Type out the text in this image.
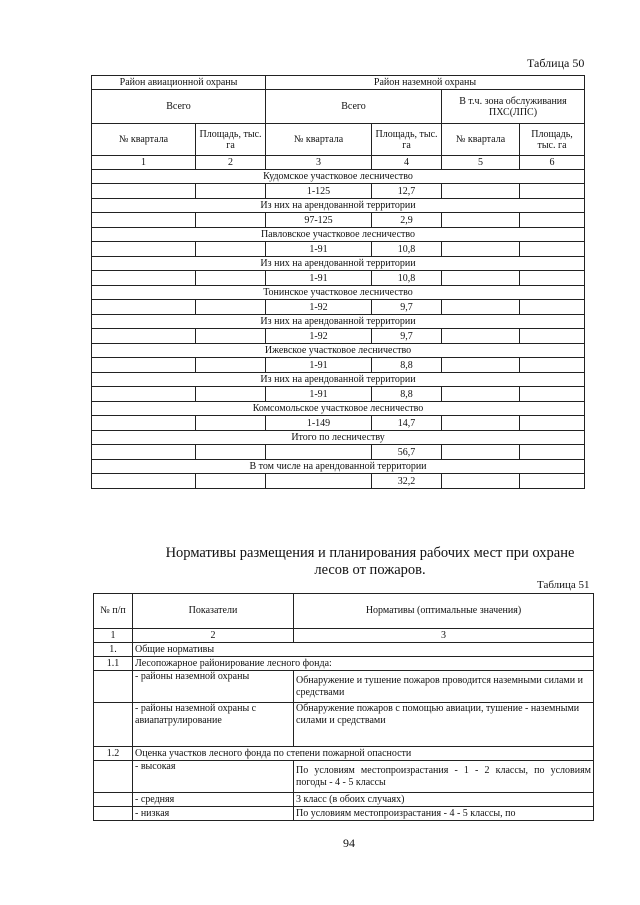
Таблица 50
Район авиационной охраны		Район наземной охраны			
Всего		Всего		В т.ч. зона обслуживания ПХС(ЛПС)	
№ квартала	Площадь, тыс. га	№ квартала	Площадь, тыс. га	№ квартала	Площадь, тыс. га
1	2	3	4	5	6
Кудомское участковое лесничество					
		1-125	12,7		
Из них на арендованной территории					
		97-125	2,9		
Павловское участковое лесничество					
		1-91	10,8		
Из них на арендованной территории					
		1-91	10,8		
Тонинское участковое лесничество					
		1-92	9,7		
Из них на арендованной территории					
		1-92	9,7		
Ижевское участковое лесничество					
		1-91	8,8		
Из них на арендованной территории					
		1-91	8,8		
Комсомольское участковое лесничество					
		1-149	14,7		
Итого по лесничеству					
			56,7		
В том числе на арендованной территории					
			32,2		
Нормативы размещения и планирования рабочих мест при охране
лесов от пожаров.
Таблица 51
№ п/п	Показатели	Нормативы (оптимальные значения)
1	2	3
1.	Общие нормативы	
1.1	Лесопожарное районирование лесного фонда:	
	- районы наземной охраны	Обнаружение и тушение пожаров проводится наземными силами и средствами
	- районы наземной охраны с авиапатрулирование	Обнаружение пожаров с помощью авиации, тушение - наземными силами и средствами
1.2	Оценка участков лесного фонда по степени пожарной опасности	
	- высокая	По условиям местопроизрастания - 1 - 2 классы, по условиям погоды - 4 - 5 классы
	- средняя	3 класс (в обоих случаях)
	- низкая	По условиям местопроизрастания - 4 - 5 классы, по
94
